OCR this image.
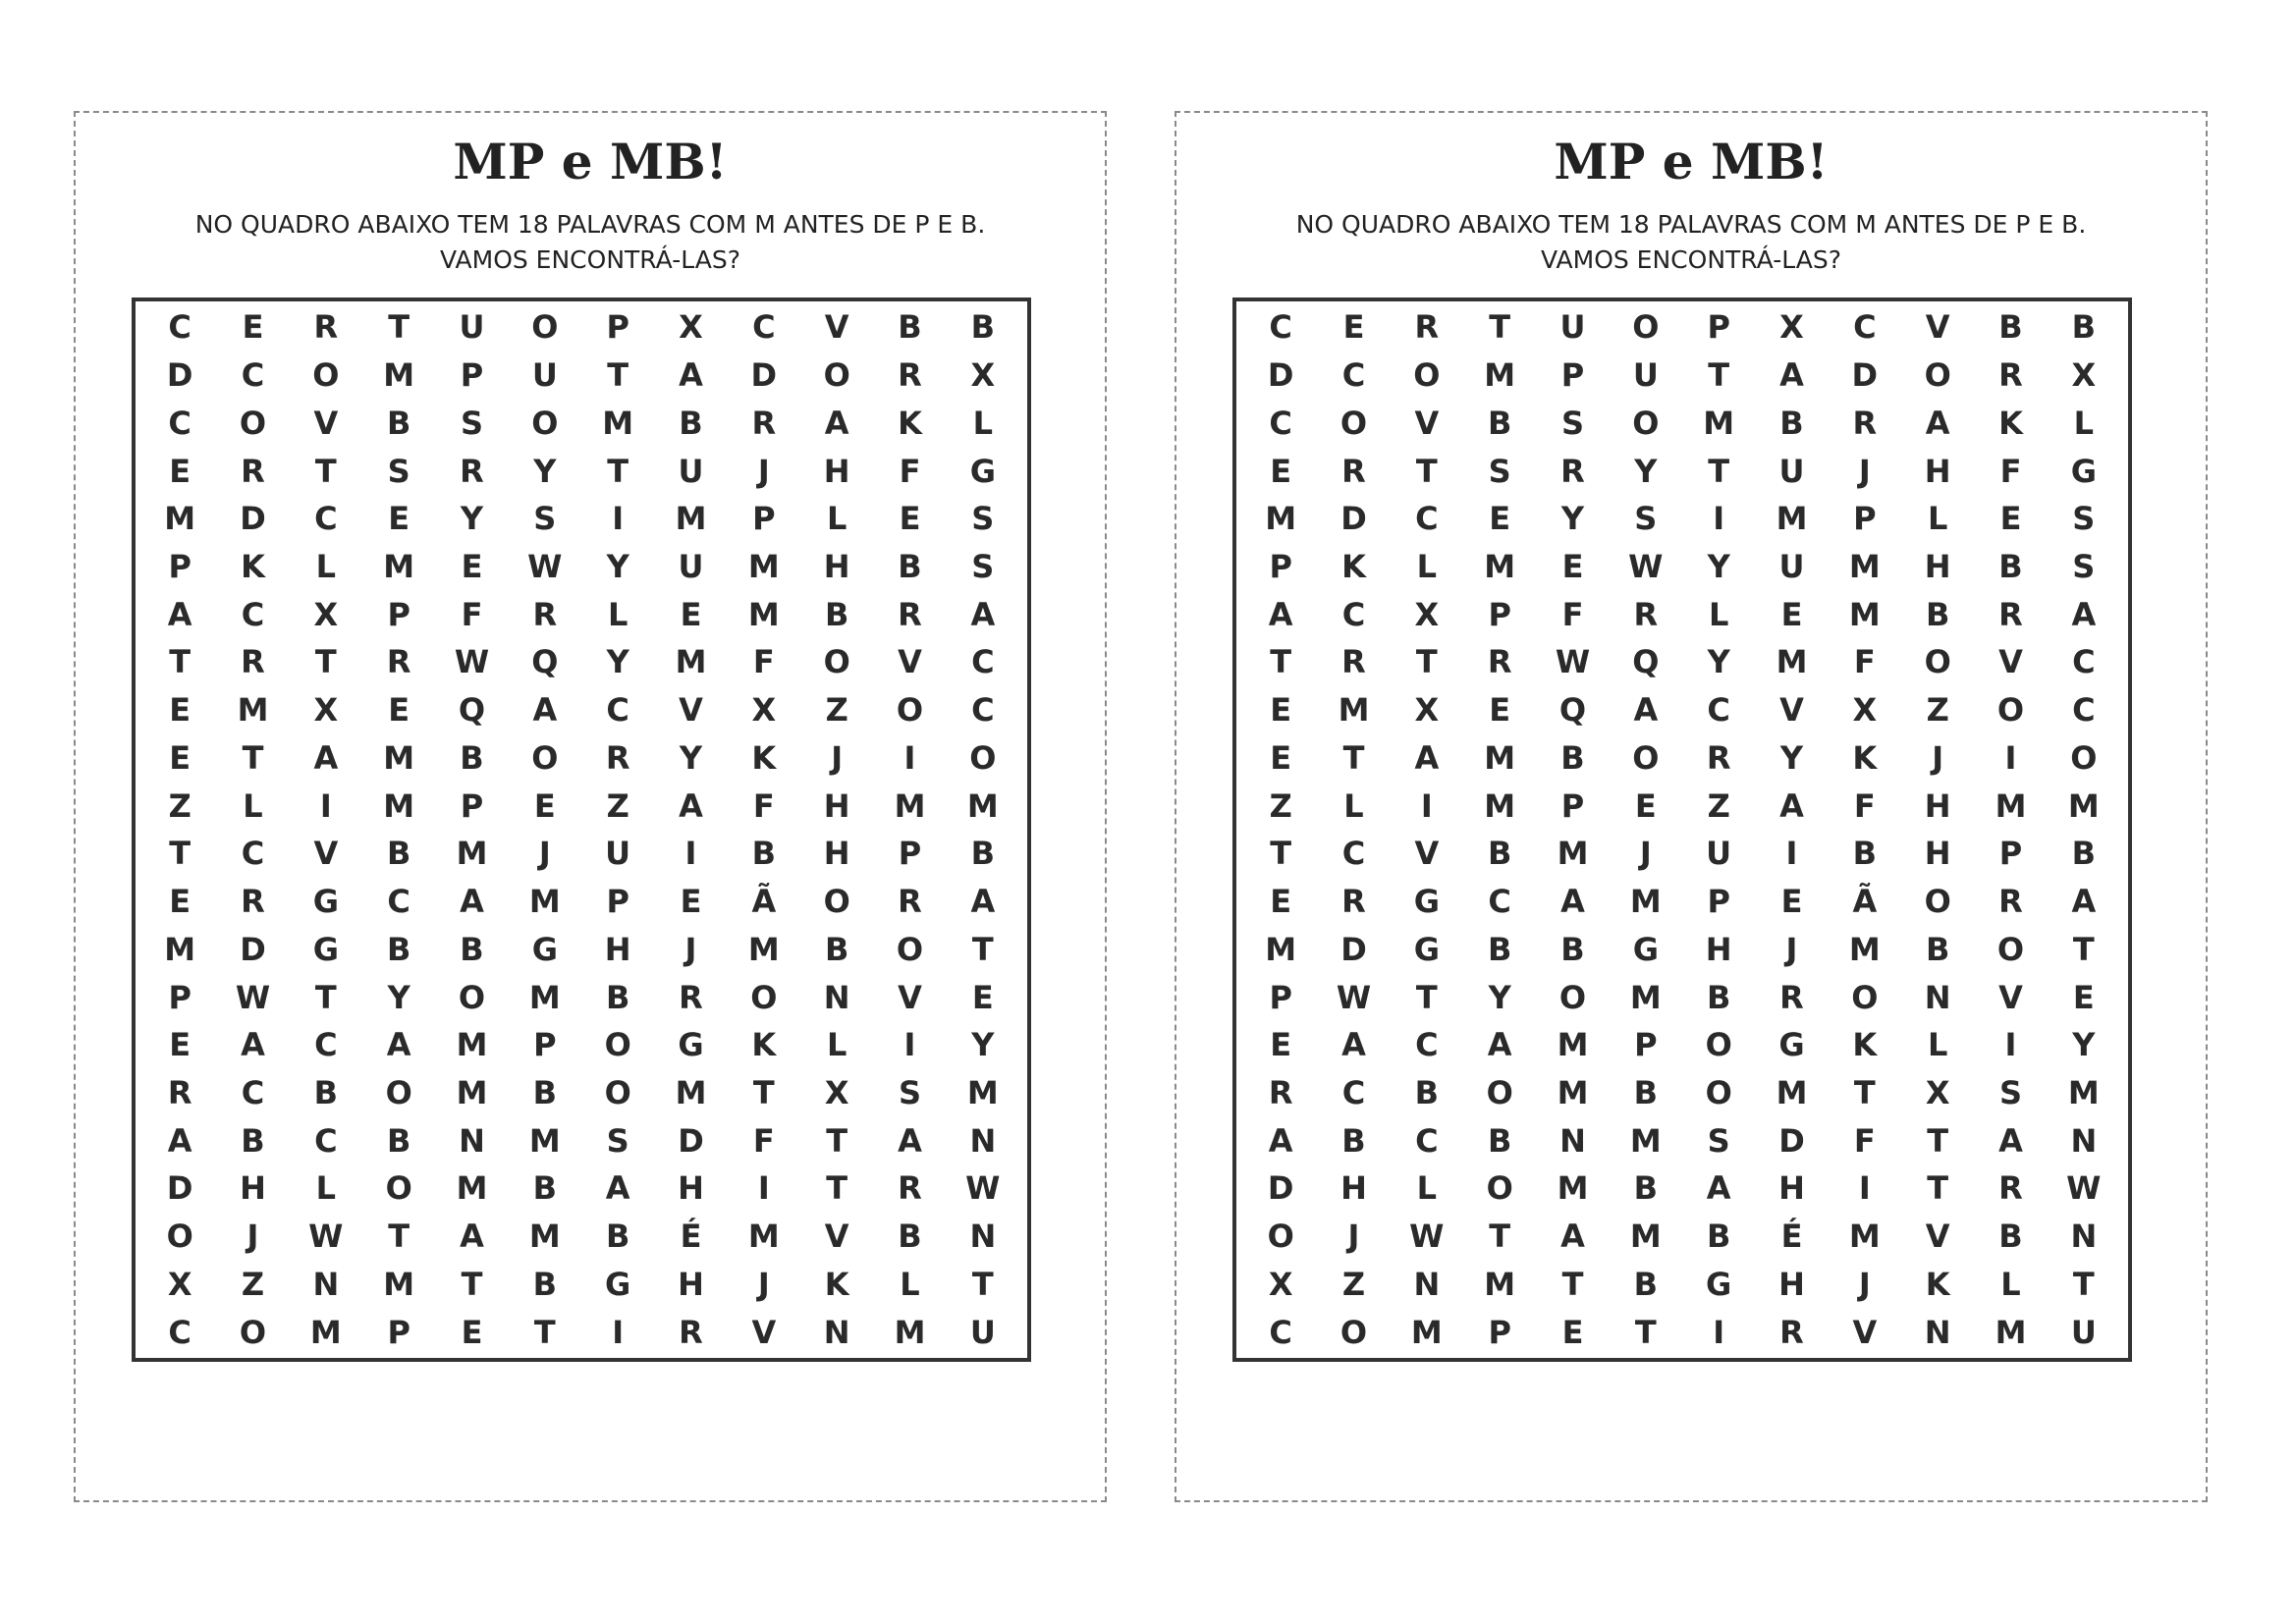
MP e MB!
NO QUADRO ABAIXO TEM 18 PALAVRAS COM M ANTES DE P E B.
VAMOS ENCONTRÁ-LAS?
C	E	R	T	U	O	P	X	C	V	B	B
D	C	O	M	P	U	T	A	D	O	R	X
C	O	V	B	S	O	M	B	R	A	K	L
E	R	T	S	R	Y	T	U	J	H	F	G
M	D	C	E	Y	S	I	M	P	L	E	S
P	K	L	M	E	W	Y	U	M	H	B	S
A	C	X	P	F	R	L	E	M	B	R	A
T	R	T	R	W	Q	Y	M	F	O	V	C
E	M	X	E	Q	A	C	V	X	Z	O	C
E	T	A	M	B	O	R	Y	K	J	I	O
Z	L	I	M	P	E	Z	A	F	H	M	M
T	C	V	B	M	J	U	I	B	H	P	B
E	R	G	C	A	M	P	E	Ã	O	R	A
M	D	G	B	B	G	H	J	M	B	O	T
P	W	T	Y	O	M	B	R	O	N	V	E
E	A	C	A	M	P	O	G	K	L	I	Y
R	C	B	O	M	B	O	M	T	X	S	M
A	B	C	B	N	M	S	D	F	T	A	N
D	H	L	O	M	B	A	H	I	T	R	W
O	J	W	T	A	M	B	É	M	V	B	N
X	Z	N	M	T	B	G	H	J	K	L	T
C	O	M	P	E	T	I	R	V	N	M	U
MP e MB!
NO QUADRO ABAIXO TEM 18 PALAVRAS COM M ANTES DE P E B.
VAMOS ENCONTRÁ-LAS?
C	E	R	T	U	O	P	X	C	V	B	B
D	C	O	M	P	U	T	A	D	O	R	X
C	O	V	B	S	O	M	B	R	A	K	L
E	R	T	S	R	Y	T	U	J	H	F	G
M	D	C	E	Y	S	I	M	P	L	E	S
P	K	L	M	E	W	Y	U	M	H	B	S
A	C	X	P	F	R	L	E	M	B	R	A
T	R	T	R	W	Q	Y	M	F	O	V	C
E	M	X	E	Q	A	C	V	X	Z	O	C
E	T	A	M	B	O	R	Y	K	J	I	O
Z	L	I	M	P	E	Z	A	F	H	M	M
T	C	V	B	M	J	U	I	B	H	P	B
E	R	G	C	A	M	P	E	Ã	O	R	A
M	D	G	B	B	G	H	J	M	B	O	T
P	W	T	Y	O	M	B	R	O	N	V	E
E	A	C	A	M	P	O	G	K	L	I	Y
R	C	B	O	M	B	O	M	T	X	S	M
A	B	C	B	N	M	S	D	F	T	A	N
D	H	L	O	M	B	A	H	I	T	R	W
O	J	W	T	A	M	B	É	M	V	B	N
X	Z	N	M	T	B	G	H	J	K	L	T
C	O	M	P	E	T	I	R	V	N	M	U
